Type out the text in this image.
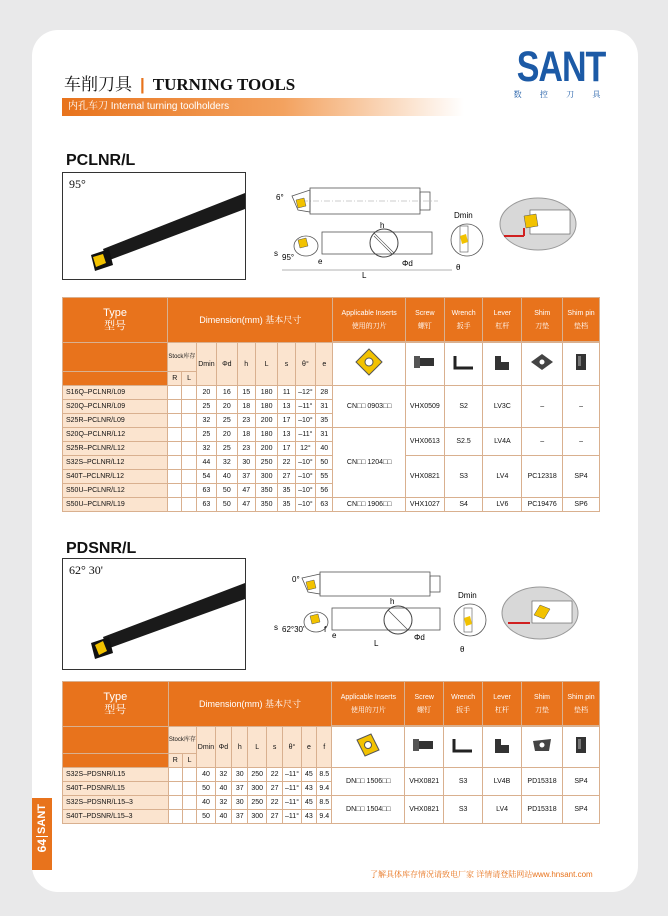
车削刀具 | TURNING TOOLS	SANT
数 控 刀 具
内孔车刀 Internal turning toolholders
PCLNR/L
95°
6°
h
Φd
s 95°	e
L
Dmin
θ
Type
型号	Dimension(mm) 基本尺寸									Applicable Inserts
使用的刀片	Screw
螺钉	Wrench
扳手	Lever
杠杆	Shim
刀垫	Shim pin
垫档

	Stock库存		Dmin	Φd	h	L	s	θ°	e						
	R	L													
S16Q–PCLNR/L09			20	16	15	180	11	–12°	28	CN□□ 0903□□	VHX0509	S2	LV3C	–	–
S20Q–PCLNR/L09			25	20	18	180	13	–11°	31						
S25R–PCLNR/L09			32	25	23	200	17	–10°	35						
S20Q–PCLNR/L12			25	20	18	180	13	–11°	31	CN□□ 1204□□	VHX0613	S2.5	LV4A	–	–
S25R–PCLNR/L12			32	25	23	200	17	12°	40						
S32S–PCLNR/L12			44	32	30	250	22	–10°	50		VHX0821	S3	LV4	PC12318	SP4
S40T–PCLNR/L12			54	40	37	300	27	–10°	55						
S50U–PCLNR/L12			63	50	47	350	35	–10°	56						
S50U–PCLNR/L19			63	50	47	350	35	–10°	63	CN□□ 1906□□	VHX1027	S4	LV6	PC19476	SP6
PDSNR/L
62° 30'
0°
h
Φd
s 62°30'
e
f
L
Dmin
θ
Type
型号	Dimension(mm) 基本尺寸										Applicable Inserts
使用的刀片	Screw
螺钉	Wrench
扳手	Lever
杠杆	Shim
刀垫	Shim pin
垫档

	Stock库存		Dmin	Φd	h	L	s	θ°	e	f						
	R	L														
S32S–PDSNR/L15			40	32	30	250	22	–11°	45	8.5	DN□□ 1506□□	VHX0821	S3	LV4B	PD15318	SP4
S40T–PDSNR/L15			50	40	37	300	27	–11°	43	9.4						
S32S–PDSNR/L15–3			40	32	30	250	22	–11°	45	8.5	DN□□ 1504□□	VHX0821	S3	LV4	PD15318	SP4
S40T–PDSNR/L15–3			50	40	37	300	27	–11°	43	9.4						
SANT
64
了解具体库存情况请致电厂家 详情请登陆网站www.hnsant.com
